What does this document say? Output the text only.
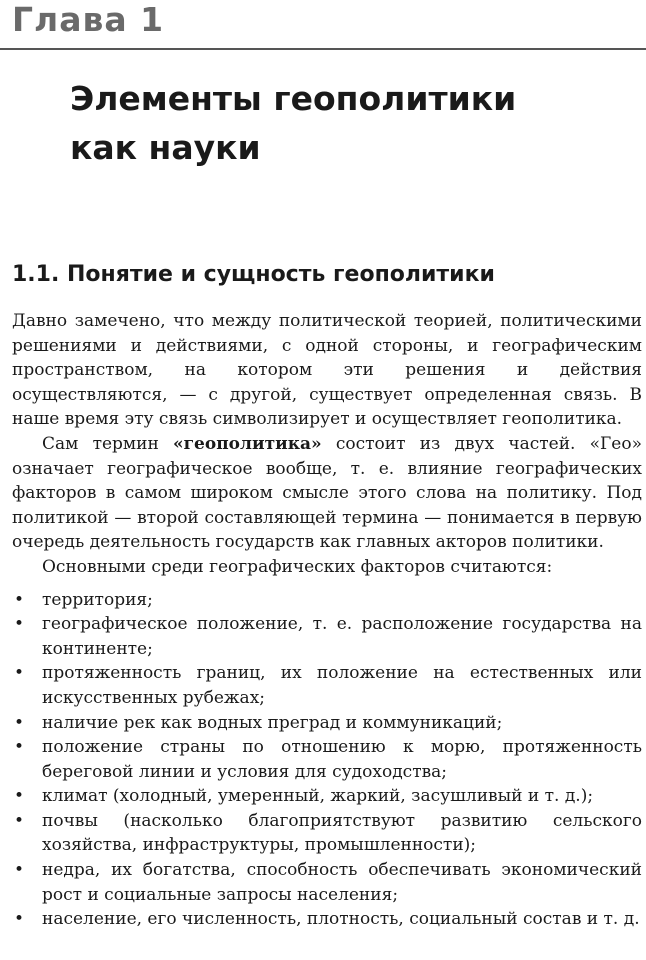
Глава 1
Элементы геополитики
как науки
1.1. Понятие и сущность геополитики

Давно замечено, что между политической теорией, политическими решениями и действиями, с одной стороны, и географическим пространством, на котором эти решения и действия осуществляются, — с другой, существует определенная связь. В наше время эту связь символизирует и осуществляет геополитика.

Сам термин «геополитика» состоит из двух частей. «Гео» означает географическое вообще, т. е. влияние географических факторов в самом широком смысле этого слова на политику. Под политикой — второй составляющей термина — понимается в первую очередь деятельность государств как главных акторов политики.

Основными среди географических факторов считаются:

• территория;
• географическое положение, т. е. расположение государства на континенте;
• протяженность границ, их положение на естественных или искусственных рубежах;
• наличие рек как водных преград и коммуникаций;
• положение страны по отношению к морю, протяженность береговой линии и условия для судоходства;
• климат (холодный, умеренный, жаркий, засушливый и т. д.);
• почвы (насколько благоприятствуют развитию сельского хозяйства, инфраструктуры, промышленности);
• недра, их богатства, способность обеспечивать экономический рост и социальные запросы населения;
• население, его численность, плотность, социальный состав и т. д.
